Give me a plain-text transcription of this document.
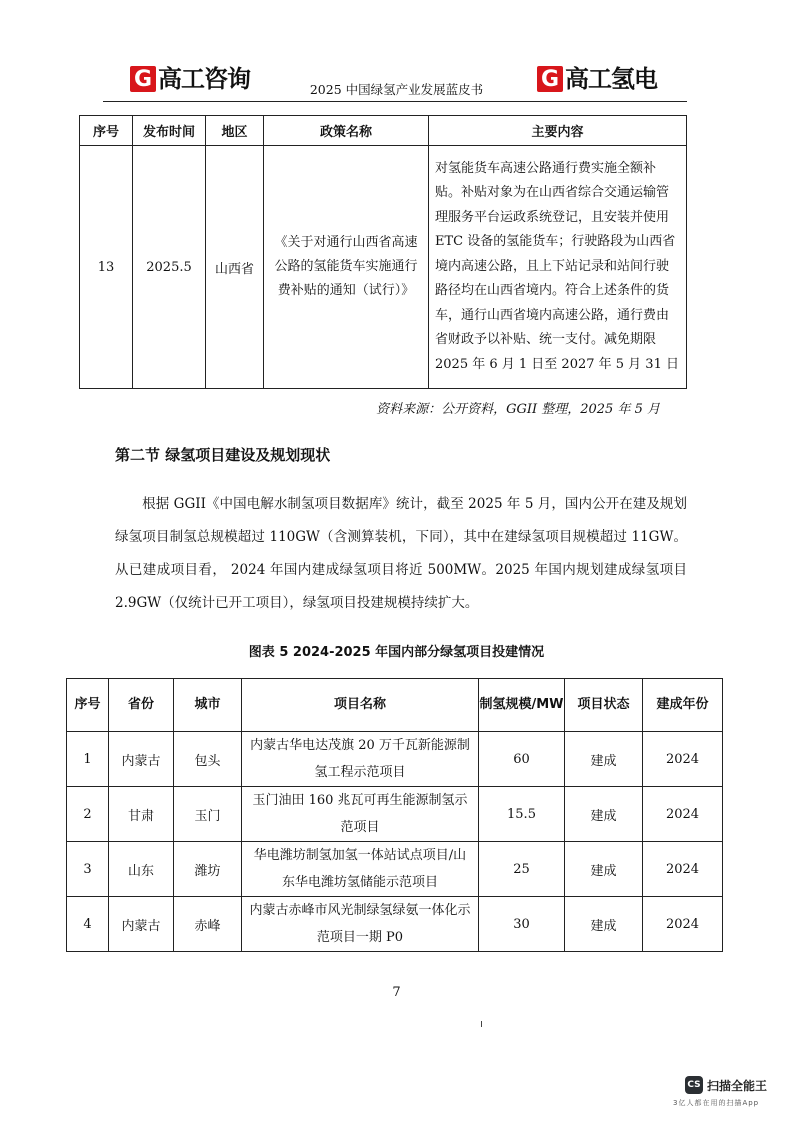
G 高工咨询	2025 中国绿氢产业发展蓝皮书	G 高工氢电
序号	发布时间	地区	政策名称	主要内容
13	2025.5	山西省	《关于对通行山西省高速公路的氢能货车实施通行费补贴的通知（试行）》	对氢能货车高速公路通行费实施全额补贴。补贴对象为在山西省综合交通运输管理服务平台运政系统登记，且安装并使用ETC 设备的氢能货车；行驶路段为山西省境内高速公路，且上下站记录和站间行驶路径均在山西省境内。符合上述条件的货车，通行山西省境内高速公路，通行费由省财政予以补贴、统一支付。减免期限 2025 年 6 月 1 日至 2027 年 5 月 31 日
资料来源：公开资料，GGII 整理，2025 年 5 月
第二节 绿氢项目建设及规划现状

　　根据 GGII《中国电解水制氢项目数据库》统计，截至 2025 年 5 月，国内公开在建及规划绿氢项目制氢总规模超过 110GW（含测算装机，下同），其中在建绿氢项目规模超过 11GW。从已建成项目看， 2024 年国内建成绿氢项目将近 500MW。2025 年国内规划建成绿氢项目 2.9GW（仅统计已开工项目），绿氢项目投建规模持续扩大。

图表 5 2024-2025 年国内部分绿氢项目投建情况
序号	省份	城市	项目名称	制氢规模/MW	项目状态	建成年份
1	内蒙古	包头	内蒙古华电达茂旗 20 万千瓦新能源制氢工程示范项目	60	建成	2024
2	甘肃	玉门	玉门油田 160 兆瓦可再生能源制氢示范项目	15.5	建成	2024
3	山东	潍坊	华电潍坊制氢加氢一体站试点项目/山东华电潍坊氢储能示范项目	25	建成	2024
4	内蒙古	赤峰	内蒙古赤峰市风光制绿氢绿氨一体化示范项目一期 P0	30	建成	2024
7
CS 扫描全能王
3亿人都在用的扫描App
